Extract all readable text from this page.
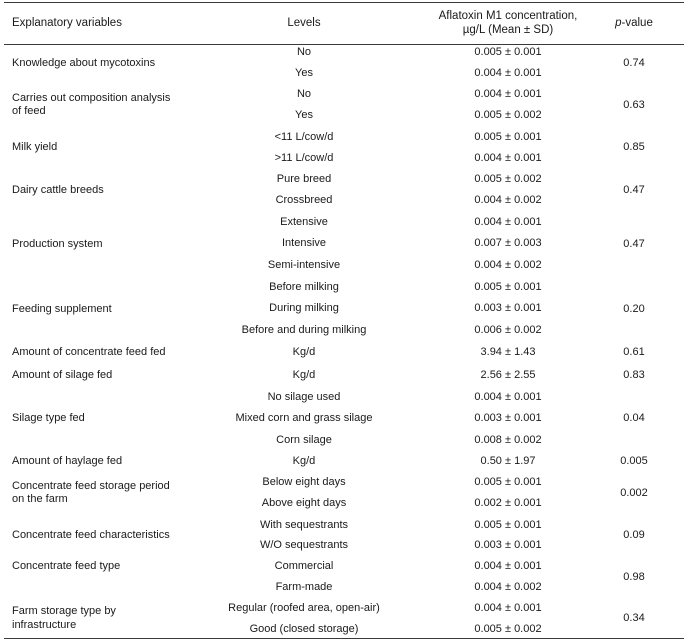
Explanatory variables	Levels
Aflatoxin M1 concentration,
µg/L (Mean ± SD)
p-value
Knowledge about mycotoxins
Carries out composition analysis
of feed
Milk yield
Dairy cattle breeds
Production system
Feeding supplement
Amount of concentrate feed fed
Amount of silage fed
Silage type fed
Amount of haylage fed
Concentrate feed storage period
on the farm
Concentrate feed characteristics
Concentrate feed type
Farm storage type by
infrastructure
No
Yes
No
Yes
<11 L/cow/d
>11 L/cow/d
Pure breed
Crossbreed
Extensive
Intensive
Semi-intensive
Before milking
During milking
Before and during milking
Kg/d
Kg/d
No silage used
Mixed corn and grass silage
Corn silage
Kg/d
Below eight days
Above eight days
With sequestrants
W/O sequestrants
Commercial
Farm-made
Regular (roofed area, open-air)
Good (closed storage)
0.005 ± 0.001
0.004 ± 0.001
0.004 ± 0.001
0.005 ± 0.002
0.005 ± 0.001
0.004 ± 0.001
0.005 ± 0.002
0.004 ± 0.002
0.004 ± 0.001
0.007 ± 0.003
0.004 ± 0.002
0.005 ± 0.001
0.003 ± 0.001
0.006 ± 0.002
3.94 ± 1.43
2.56 ± 2.55
0.004 ± 0.001
0.003 ± 0.001
0.008 ± 0.002
0.50 ± 1.97
0.005 ± 0.001
0.002 ± 0.001
0.005 ± 0.001
0.003 ± 0.001
0.004 ± 0.001
0.004 ± 0.002
0.004 ± 0.001
0.005 ± 0.002
0.74
0.63
0.85
0.47
0.47
0.20
0.61
0.83
0.04
0.005
0.002
0.09
0.98
0.34
